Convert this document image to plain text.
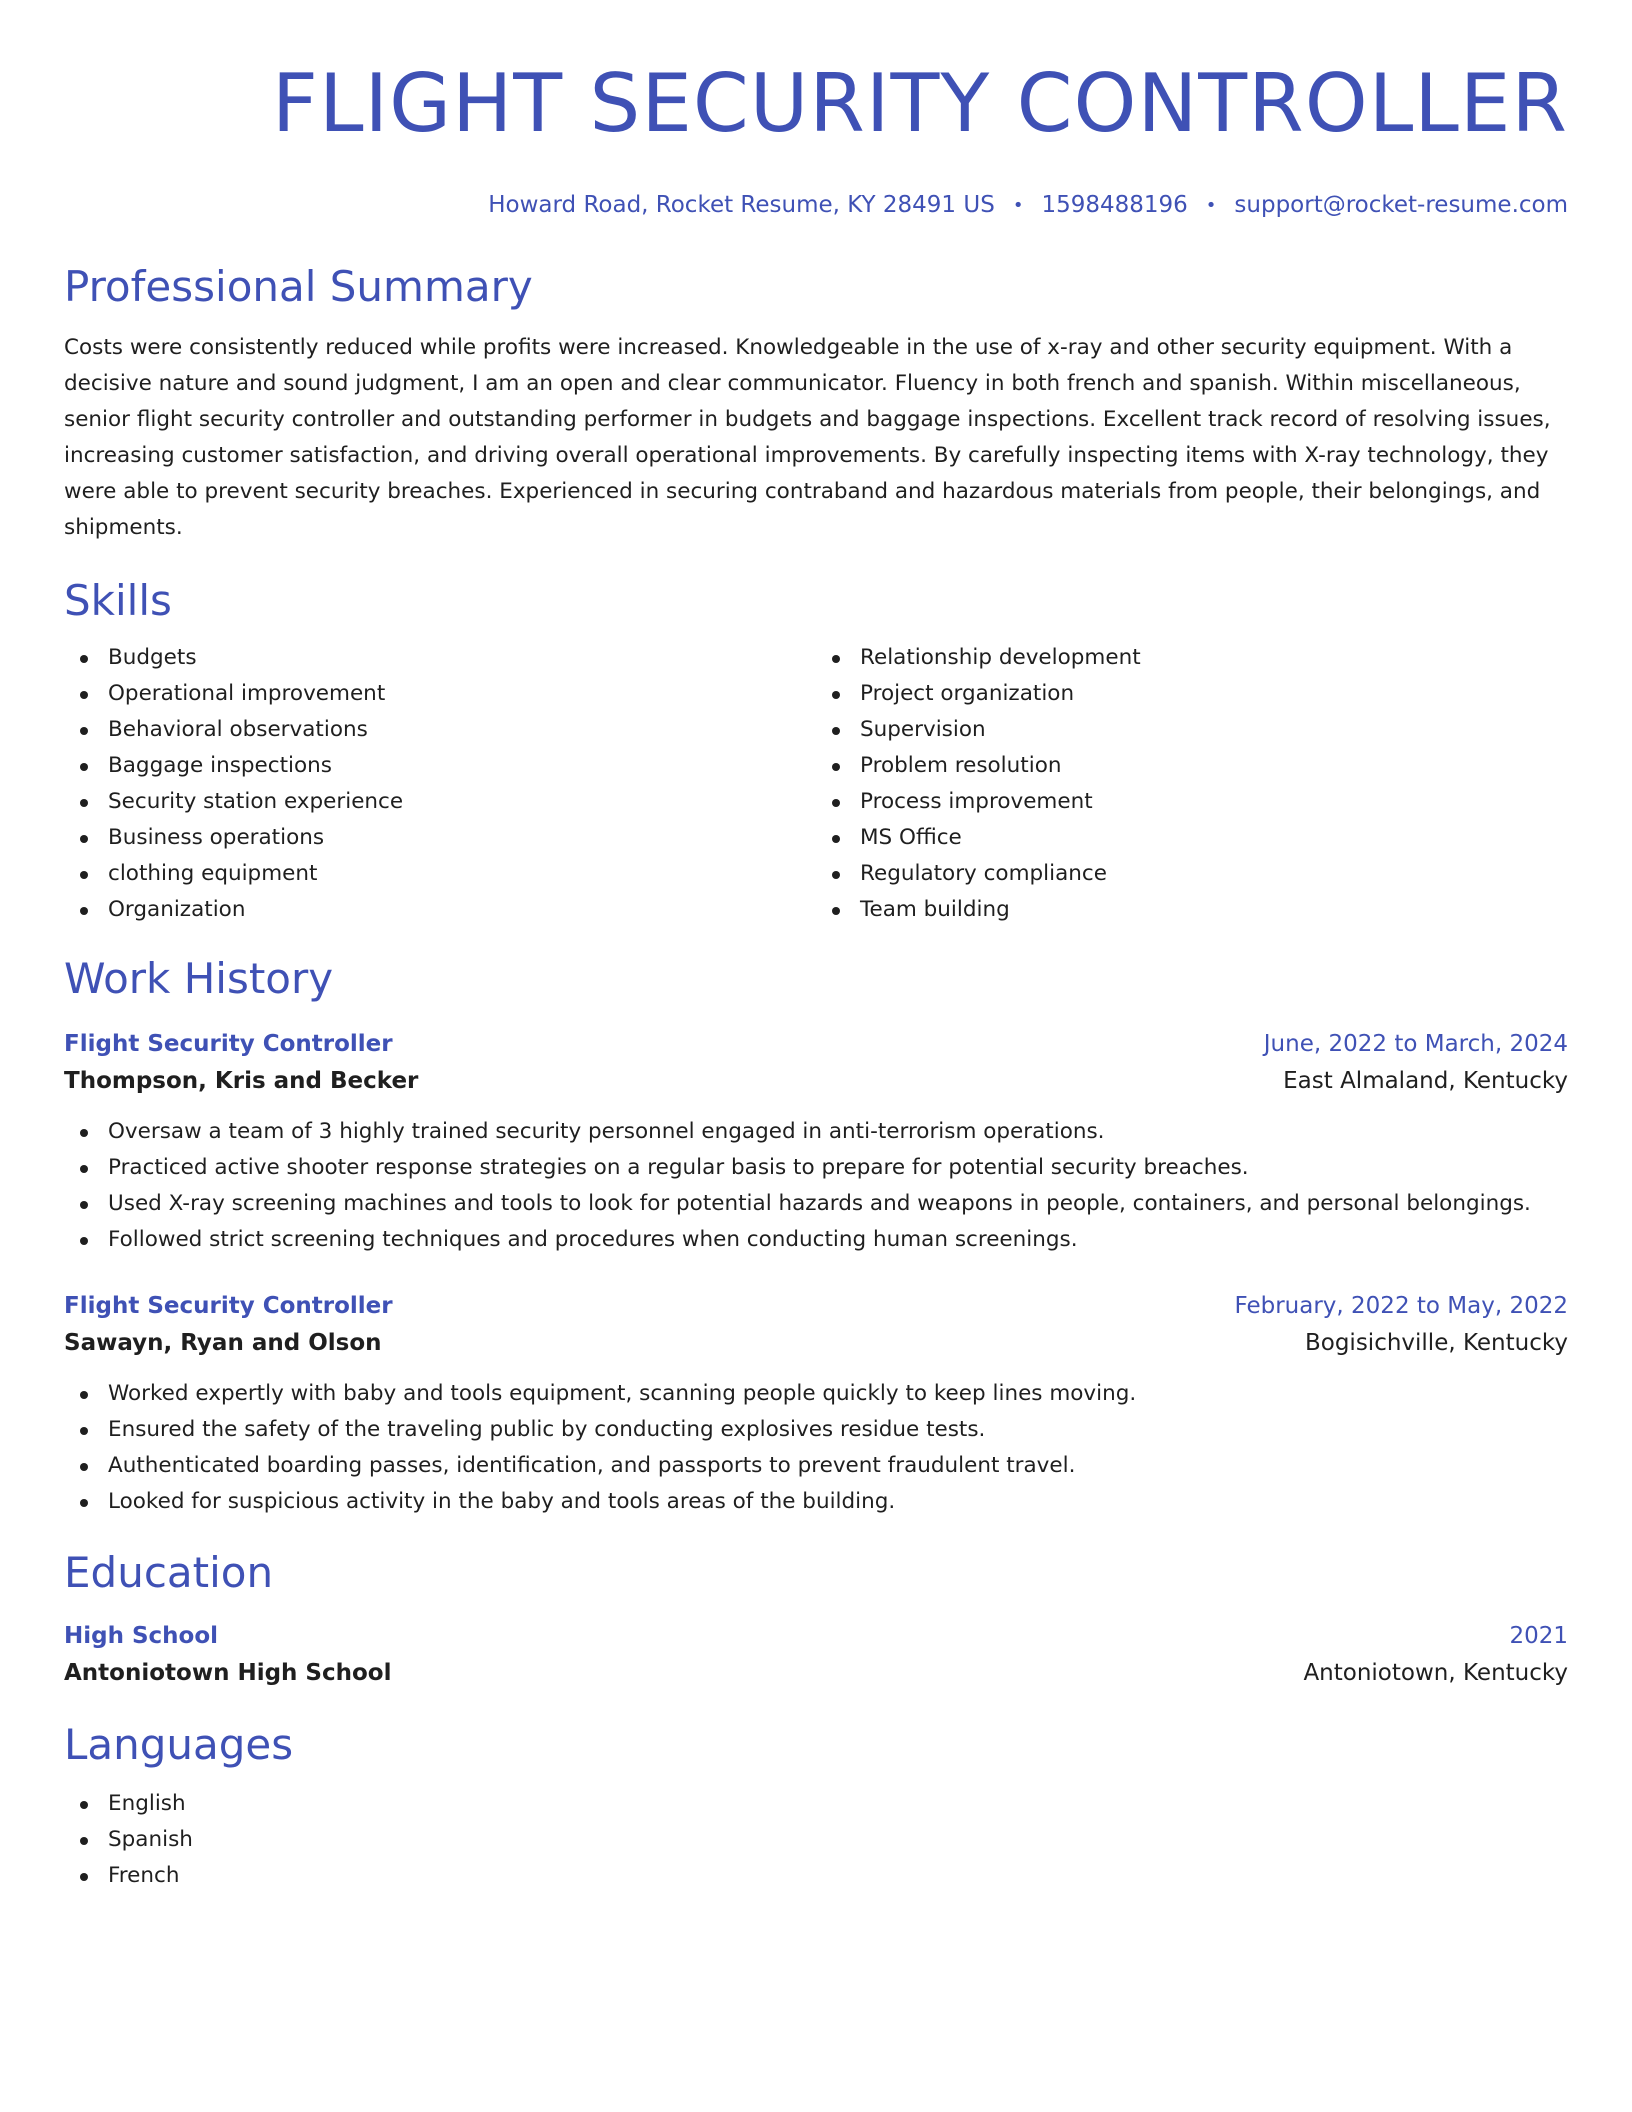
FLIGHT SECURITY CONTROLLER
Howard Road, Rocket Resume, KY 28491 US • 1598488196 • support@rocket-resume.com
Professional Summary

Costs were consistently reduced while profits were increased. Knowledgeable in the use of x-ray and other security equipment. With a decisive nature and sound judgment, I am an open and clear communicator. Fluency in both french and spanish. Within miscellaneous, senior flight security controller and outstanding performer in budgets and baggage inspections. Excellent track record of resolving issues, increasing customer satisfaction, and driving overall operational improvements. By carefully inspecting items with X-ray technology, they were able to prevent security breaches. Experienced in securing contraband and hazardous materials from people, their belongings, and shipments.

Skills
Budgets
Operational improvement
Behavioral observations
Baggage inspections
Security station experience
Business operations
clothing equipment
Organization
Relationship development
Project organization
Supervision
Problem resolution
Process improvement
MS Office
Regulatory compliance
Team building
Work History
Flight Security Controller	June, 2022 to March, 2024
Thompson, Kris and Becker	East Almaland, Kentucky
Oversaw a team of 3 highly trained security personnel engaged in anti-terrorism operations.
Practiced active shooter response strategies on a regular basis to prepare for potential security breaches.
Used X-ray screening machines and tools to look for potential hazards and weapons in people, containers, and personal belongings.
Followed strict screening techniques and procedures when conducting human screenings.
Flight Security Controller	February, 2022 to May, 2022
Sawayn, Ryan and Olson	Bogisichville, Kentucky
Worked expertly with baby and tools equipment, scanning people quickly to keep lines moving.
Ensured the safety of the traveling public by conducting explosives residue tests.
Authenticated boarding passes, identification, and passports to prevent fraudulent travel.
Looked for suspicious activity in the baby and tools areas of the building.
Education
High School	2021
Antoniotown High School	Antoniotown, Kentucky
Languages
English
Spanish
French
